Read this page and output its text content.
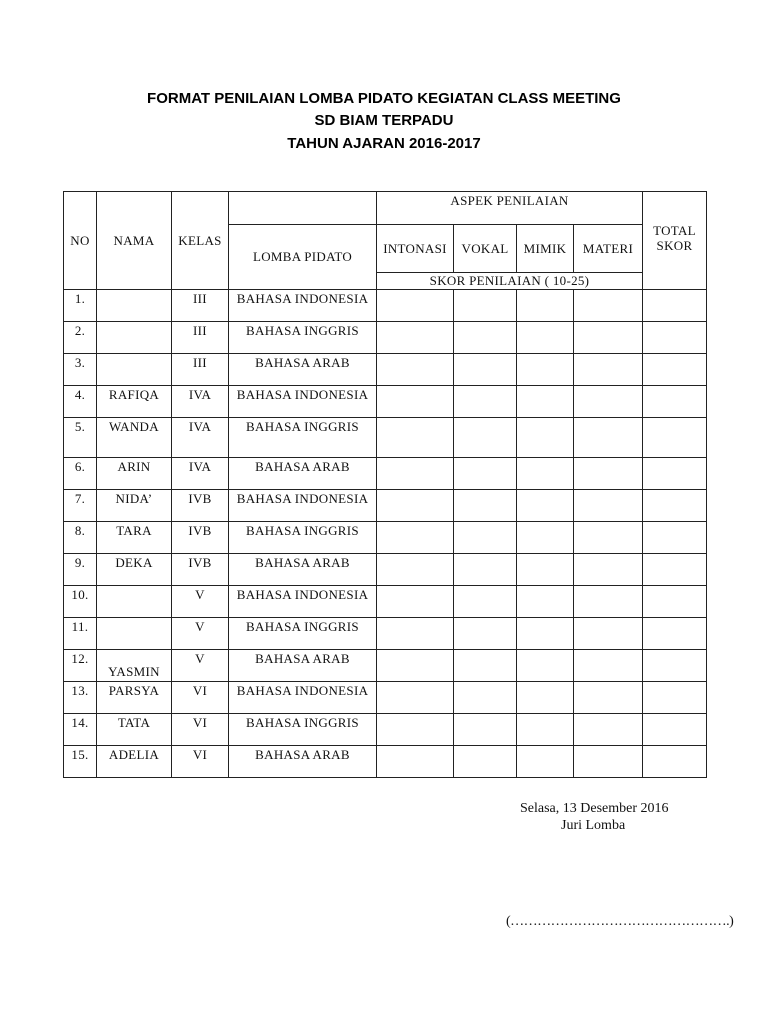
FORMAT PENILAIAN LOMBA PIDATO KEGIATAN CLASS MEETING
SD BIAM TERPADU
TAHUN AJARAN 2016-2017
NO	NAMA	KELAS		ASPEK PENILAIAN				TOTAL
SKOR

			LOMBA PIDATO	INTONASI	VOKAL	MIMIK	MATERI	
				SKOR PENILAIAN ( 10-25)				
1.		III	BAHASA INDONESIA					
2.		III	BAHASA INGGRIS					
3.		III	BAHASA ARAB					
4.	RAFIQA	IVA	BAHASA INDONESIA					
5.	WANDA	IVA	BAHASA INGGRIS					
6.	ARIN	IVA	BAHASA ARAB					
7.	NIDA’	IVB	BAHASA INDONESIA					
8.	TARA	IVB	BAHASA INGGRIS					
9.	DEKA	IVB	BAHASA ARAB					
10.		V	BAHASA INDONESIA					
11.		V	BAHASA INGGRIS					
12.	YASMIN	V	BAHASA ARAB					
13.	PARSYA	VI	BAHASA INDONESIA					
14.	TATA	VI	BAHASA INGGRIS					
15.	ADELIA	VI	BAHASA ARAB					
Selasa, 13 Desember 2016
Juri Lomba
(………………………………………….)
